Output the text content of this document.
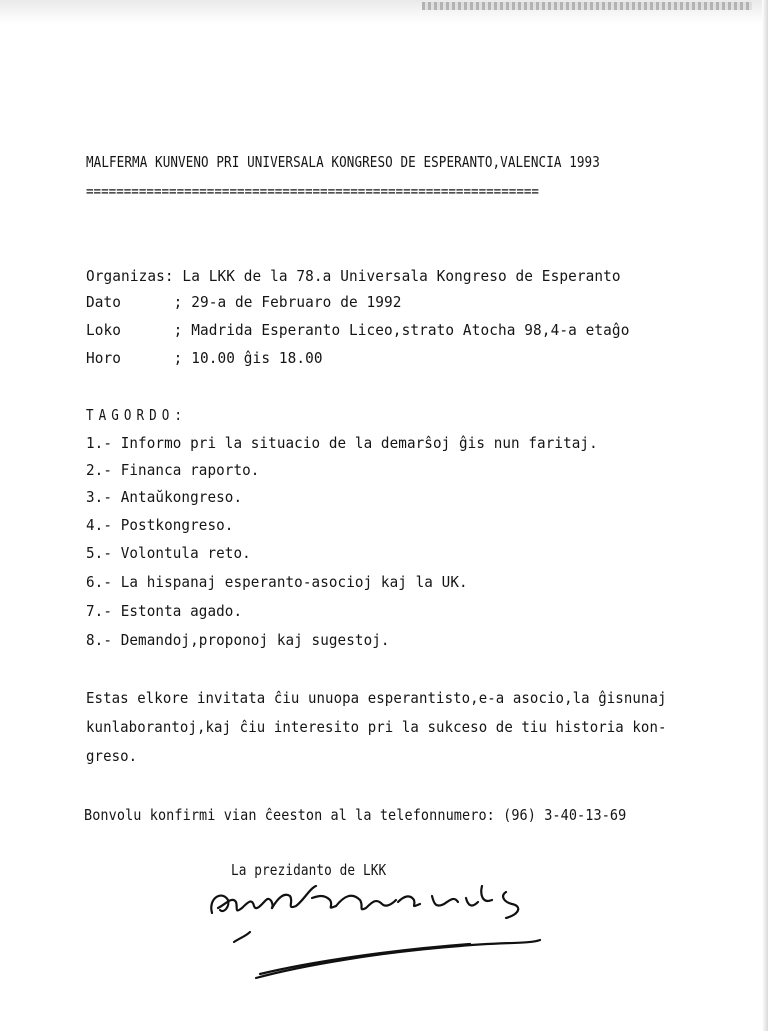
MALFERMA KUNVENO PRI UNIVERSALA KONGRESO DE ESPERANTO,VALENCIA 1993
============================================================
Organizas: La LKK de la 78.a Universala Kongreso de Esperanto
Dato      ; 29-a de Februaro de 1992
Loko      ; Madrida Esperanto Liceo,strato Atocha 98,4-a etaĝo
Horo      ; 10.00 ĝis 18.00
TAGORDO:
1.- Informo pri la situacio de la demarŝoj ĝis nun faritaj.
2.- Financa raporto.
3.- Antaŭkongreso.
4.- Postkongreso.
5.- Volontula reto.
6.- La hispanaj esperanto-asocioj kaj la UK.
7.- Estonta agado.
8.- Demandoj,proponoj kaj sugestoj.
Estas elkore invitata ĉiu unuopa esperantisto,e-a asocio,la ĝisnunaj
kunlaborantoj,kaj ĉiu interesito pri la sukceso de tiu historia kon-
greso.
Bonvolu konfirmi vian ĉeeston al la telefonnumero: (96) 3-40-13-69
La prezidanto de LKK
